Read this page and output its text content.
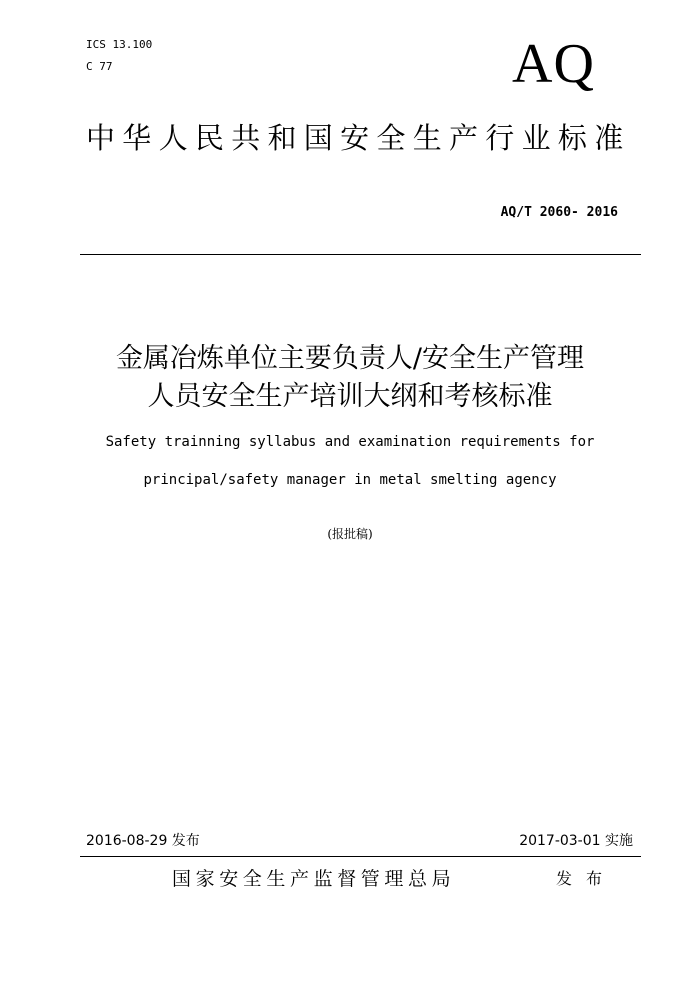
ICS 13.100
C 77	AQ
中华人民共和国安全生产行业标准
AQ/T 2060- 2016
金属冶炼单位主要负责人/安全生产管理
人员安全生产培训大纲和考核标准
Safety trainning syllabus and examination requirements for
principal/safety manager in metal smelting agency
(报批稿)
2016-08-29 发布	2017-03-01 实施
国家安全生产监督管理总局	发布
